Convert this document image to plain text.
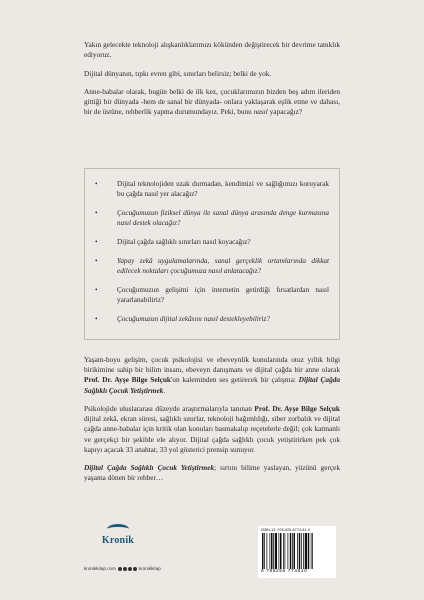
Yakın gelecekte teknoloji alışkanlıklarımızı kökünden değiştirecek bir devrime tanıklık ediyoruz.

Dijital dünyanın, tıpkı evren gibi, sınırları belirsiz; belki de yok.

Anne-babalar olarak, bugün belki de ilk kez, çocuklarımızın bizden beş adım ileriden gittiği bir dünyada -hem de sanal bir dünyada- onlara yaklaşarak eşlik etme ve dahası, bir de üstüne, rehberlik yapma durumundayız. Peki, bunu nasıl yapacağız?

•	Dijital teknolojiden uzak durmadan, kendimizi ve sağlığımızı koruyarak bu çağda nasıl yer alacağız?
•	Çocuğumuzun fiziksel dünya ile sanal dünya arasında denge kurmasına nasıl destek olacağız?
•	Dijital çağda sağlıklı sınırları nasıl koyacağız?
•	Yapay zekâ uygulamalarında, sanal gerçeklik ortamlarında dikkat edilecek noktaları çocuğumuza nasıl anlatacağız?
•	Çocuğumuzun gelişimi için internetin getirdiği fırsatlardan nasıl yararlanabiliriz?
•	Çocuğumuzun dijital zekâsını nasıl destekleyebiliriz?

Yaşam-boyu gelişim, çocuk psikolojisi ve ebeveynlik konularında otuz yıllık bilgi birikimine sahip bir bilim insanı, ebeveyn danışmanı ve dijital çağda bir anne olarak Prof. Dr. Ayşe Bilge Selçuk'un kaleminden ses getirecek bir çalışma: Dijital Çağda Sağlıklı Çocuk Yetiştirmek.

Psikolojide uluslararası düzeyde araştırmalarıyla tanınan Prof. Dr. Ayşe Bilge Selçuk dijital zekâ, ekran süresi, sağlıklı sınırlar, teknoloji bağımlılığı, siber zorbalık ve dijital çağda anne-babalar için kritik olan konuları basmakalıp reçetelerle değil; çok katmanlı ve gerçekçi bir şekilde ele alıyor. Dijital çağda sağlıklı çocuk yetiştirirken pek çok kapıyı açacak 33 anahtar, 33 yol gösterici prensip sunuyor.

Dijital Çağda Sağlıklı Çocuk Yetiştirmek; sırtını bilime yaslayan, yüzünü gerçek yaşama dönen bir rehber…

Kronik
kronikkitap.com	kronikkitap
ISBN-13: 978-625-6774-81-0
9 786256 774810
